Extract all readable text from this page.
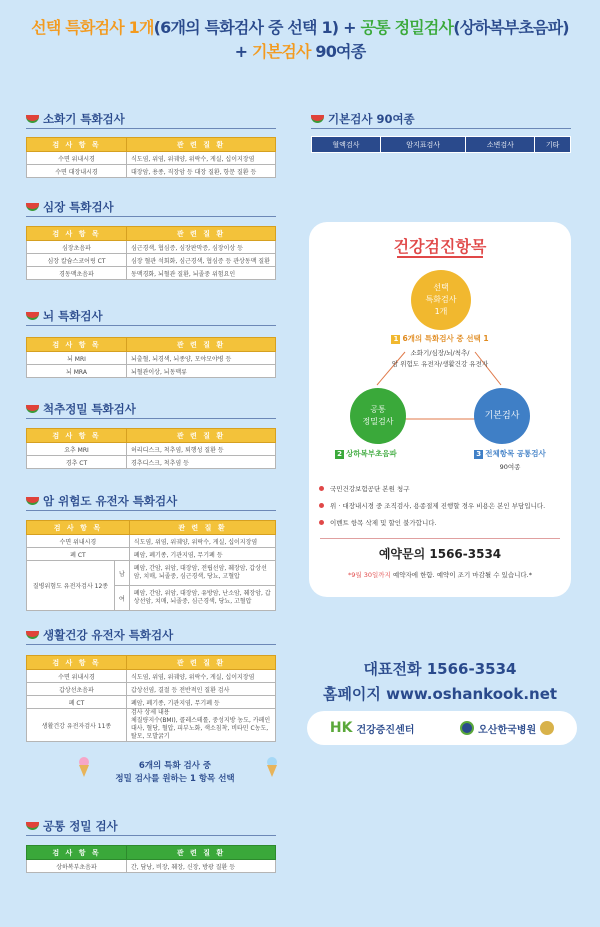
선택 특화검사 1개(6개의 특화검사 중 선택 1) + 공통 정밀검사(상하복부초음파)
+ 기본검사 90여종
소화기 특화검사
검 사 항 목	관 련 질 환
수면 위내시경	식도염, 위염, 위궤양, 위락수, 게실, 십이지장염
수면 대장내시경	대장암, 용종, 직장암 등 대장 질환, 항문 질환 등
심장 특화검사
검 사 항 목	관 련 질 환
심장초음파	심근경색, 협심증, 심장판막증, 심장이상 등
심장 칼슘스코어링 CT	심장 혈관 석회화, 심근경색, 협심증 등 관상동맥 질환
경동맥초음파	동맥경화, 뇌혈관 질환, 뇌졸중 위험요인
뇌 특화검사
검 사 항 목	관 련 질 환
뇌 MRI	뇌출혈, 뇌경색, 뇌종양, 모야모야병 등
뇌 MRA	뇌혈관이상, 뇌동맥류
척추정밀 특화검사
검 사 항 목	관 련 질 환
요추 MRI	허리디스크, 척추염, 퇴행성 질환 등
경추 CT	경추디스크, 척추염 등
암 위험도 유전자 특화검사
검 사 항 목		관 련 질 환
수면 위내시경		식도염, 위염, 위궤양, 위락수, 게실, 십이지장염
폐 CT		폐암, 폐기종, 기관지염, 무기폐 등
질병위험도 유전자검사 12종	남	폐암, 간암, 위암, 대장암, 전립선암, 췌장암, 갑상선암, 치매, 뇌졸중, 심근경색, 당뇨, 고혈압
	여	폐암, 간암, 위암, 대장암, 유방암, 난소암, 췌장암, 갑상선암, 치매, 뇌졸중, 심근경색, 당뇨, 고혈압
생활건강 유전자 특화검사
검 사 항 목	관 련 질 환
수면 위내시경	식도염, 위염, 위궤양, 위락수, 게실, 십이지장염
갑상선초음파	갑상선염, 결절 등 전반적인 질환 검사
폐 CT	폐암, 폐기종, 기관지염, 무기폐 등
생활건강 유전자검사 11종	검사 상세 내용
체질량지수(BMI), 콜레스테롤, 중성지방 농도, 카페인 대사, 혈당, 혈압, 피부노화, 색소침착, 비타민 C농도, 탈모, 모발굵기
6개의 특화 검사 중
정밀 검사를 원하는 1 항목 선택
공통 정밀 검사
검 사 항 목	관 련 질 환
상하복부초음파	간, 담낭, 비장, 췌장, 신장, 방광 질환 등
기본검사 90여종
혈액검사	암지표검사	소변검사	기타
건강검진항목
선택
특화검사
1개
공통
정밀검사
기본검사
1 6개의 특화검사 중 선택 1
소화기/심장/뇌/척추/
암 위험도 유전자/생활건강 유전자
2 상하복부초음파	3 전체항목 공통검사
90여종
국민건강보험공단 본원 청구
위 · 대장내시경 중 조직검사, 용종절제 진행할 경우 비용은 본인 부담입니다.
이벤트 항목 삭제 및 할인 불가합니다.
예약문의 1566-3534
*9월 30일까지 예약자에 한함. 예약이 조기 마감될 수 있습니다.*
대표전화 1566-3534
홈페이지 www.oshankook.net
HK 건강증진센터	오산한국병원
